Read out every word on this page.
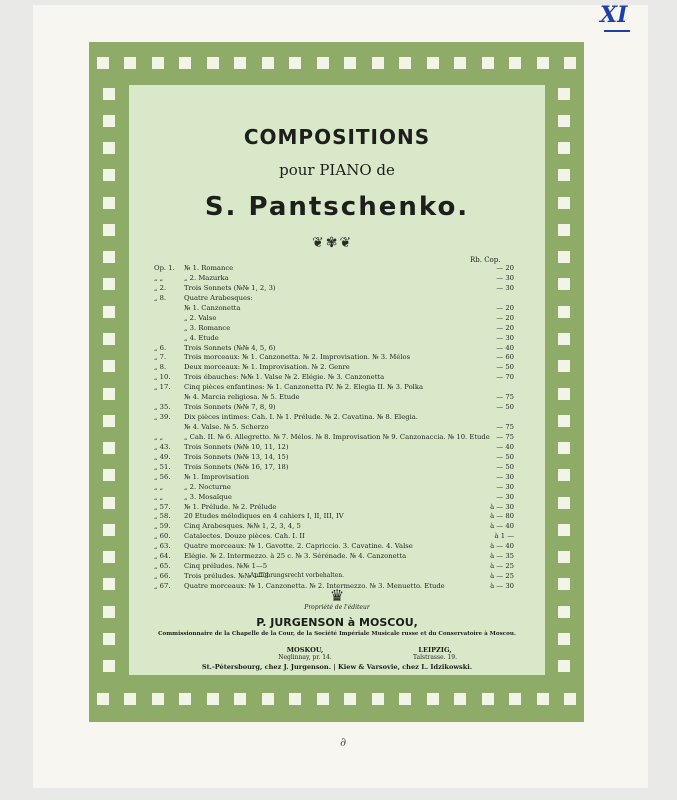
XI
COMPOSITIONS
pour PIANO de
S. Pantschenko.
❦✾❦
Rb. Cop.
Op. 1. № 1. Romance	— 20
„ „	„ 2. Mazurka	— 30
„ 2.	Trois Sonnets (№№ 1, 2, 3)	— 30
„ 8.	Quatre Arabesques:
№ 1. Canzonetta	— 20
„ 2. Valse	— 20
„ 3. Romance	— 20
„ 4. Etude	— 30
„ 6.	Trois Sonnets (№№ 4, 5, 6)	— 40
„ 7.	Trois morceaux: № 1. Canzonetta. № 2. Improvisation. № 3. Mélos	— 60
„ 8.	Deux morceaux: № 1. Improvisation. № 2. Genre	— 50
„ 10. Trois ébauches: №№ 1. Valse № 2. Elégie. № 3. Canzonetta	— 70
„ 17. Cinq pièces enfantines: № 1. Canzonetta IV. № 2. Elegia II. № 3. Polka
№ 4. Marcia religiosa. № 5. Etude	— 75
„ 35. Trois Sonnets (№№ 7, 8, 9)	— 50
„ 39. Dix pièces intimes: Cah. I. № 1. Prélude. № 2. Cavatina. № 8. Elegia.
№ 4. Valse. № 5. Scherzo	— 75
„ „	„ Cah. II. № 6. Allegretto. № 7. Mélos. № 8. Improvisation № 9. Canzonaccia. № 10. Etude — 75
„ 43. Trois Sonnets (№№ 10, 11, 12)	— 40
„ 49. Trois Sonnets (№№ 13, 14, 15)	— 50
„ 51. Trois Sonnets (№№ 16, 17, 18)	— 50
„ 56. № 1. Improvisation	— 30
„ „	„ 2. Nocturne	— 30
„ „	„ 3. Mosaïque	— 30
„ 57. № 1. Prélude. № 2. Prélude	à — 30
„ 58. 20 Etudes mélodiques en 4 cahiers I, II, III, IV	à — 80
„ 59. Cinq Arabesques. №№ 1, 2, 3, 4, 5	à — 40
„ 60. Catalectes. Douze pièces. Cah. I. II	à 1 —
„ 63. Quatre morceaux: № 1. Gavotte. 2. Capriccio. 3. Cavatine. 4. Valse	à — 40
„ 64. Elégie. № 2. Intermezzo. à 25 c. № 3. Sérénade. № 4. Canzonetta	à — 35
„ 65. Cinq préludes. №№ 1—5	à — 25
„ 66. Trois préludes. №№ 1—3	à — 25
„ 67. Quatre morceaux: № 1. Canzonetta. № 2. Intermezzo. № 3. Menuetto. Etude	à — 30
Aufführungsrecht vorbehalten.
♛
Propriété de l'éditeur
P. JURGENSON à MOSCOU,
Commissionnaire de la Chapelle de la Cour, de la Société Impériale Musicale russe et du Conservatoire à Moscou.
MOSKOU,
Neglinnay, pr. 14.
LEIPZIG,
Talstrasse. 19.
St.-Pétersbourg, chez J. Jurgenson. | Kiew & Varsovie, chez L. Idzikowski.
∂
